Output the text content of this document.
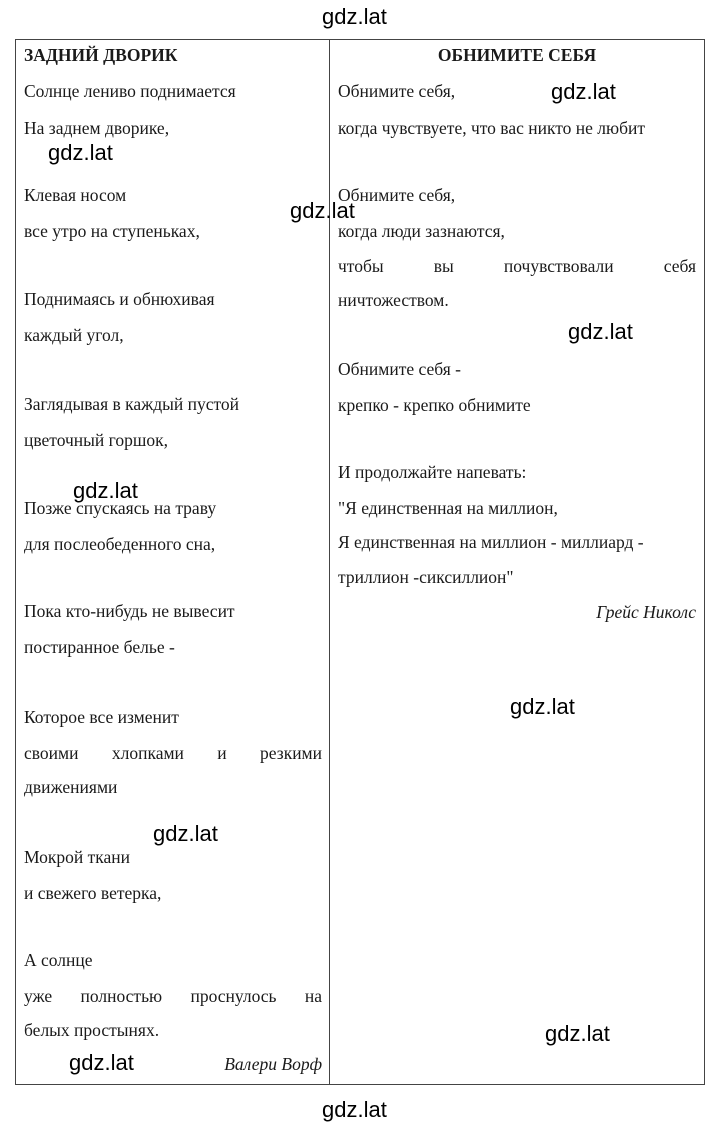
ЗАДНИЙ ДВОРИК
Солнце лениво поднимается
На заднем дворике,
Клевая носом
все утро на ступеньках,
Поднимаясь и обнюхивая
каждый угол,
Заглядывая в каждый пустой
цветочный горшок,
Позже спускаясь на траву
для послеобеденного сна,
Пока кто-нибудь не вывесит
постиранное белье -
Которое все изменит
своими хлопками и резкими
движениями
Мокрой ткани
и свежего ветерка,
А солнце
уже полностью проснулось на
белых простынях.
Валери Ворф
ОБНИМИТЕ СЕБЯ
Обнимите себя,
когда чувствуете, что вас никто не любит
Обнимите себя,
когда люди зазнаются,
чтобы вы почувствовали себя
ничтожеством.
Обнимите себя -
крепко - крепко обнимите
И продолжайте напевать:
"Я единственная на миллион,
Я единственная на миллион - миллиард -
триллион -сиксиллион"
Грейс Николс
gdz.lat
gdz.lat
gdz.lat
gdz.lat
gdz.lat
gdz.lat
gdz.lat
gdz.lat
gdz.lat
gdz.lat
gdz.lat
